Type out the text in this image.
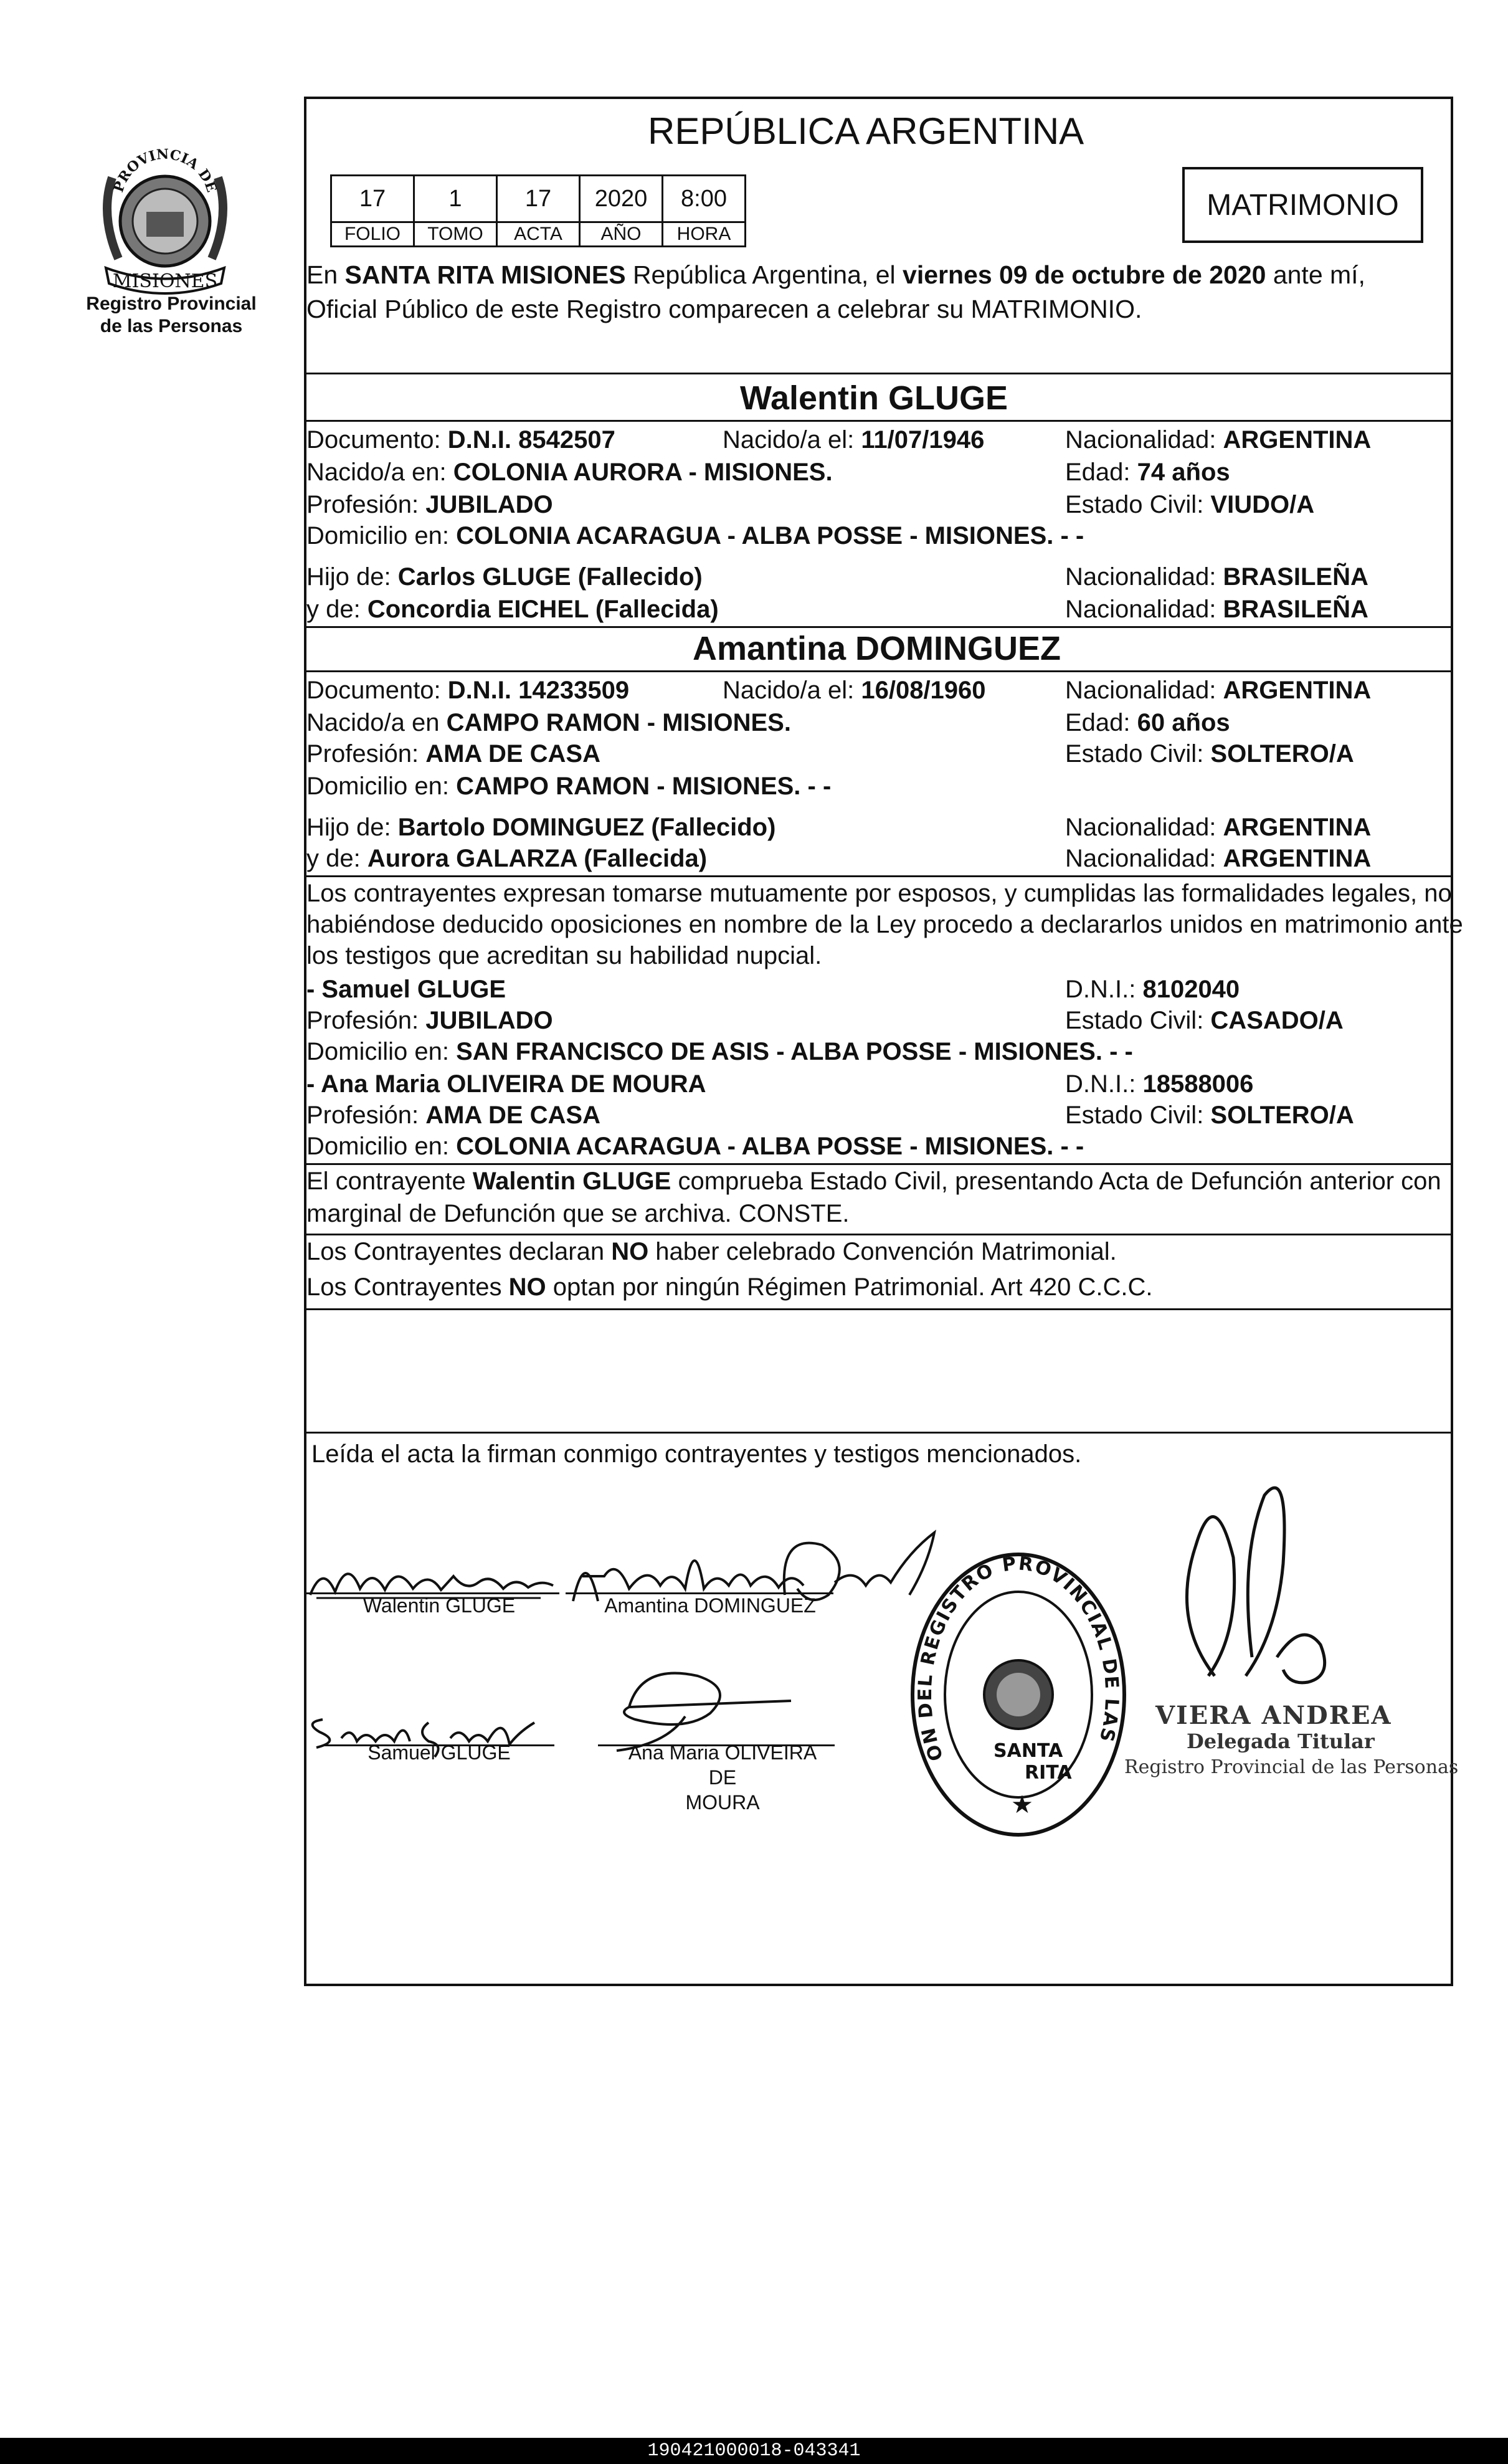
PROVINCIA DE
MISIONES
Registro Provincial
de las Personas
REPÚBLICA ARGENTINA
17	1	17	2020	8:00
FOLIO	TOMO	ACTA	AÑO	HORA
MATRIMONIO
En SANTA RITA MISIONES República Argentina, el viernes 09 de octubre de 2020 ante mí,
Oficial Público de este Registro comparecen a celebrar su MATRIMONIO.
Walentin GLUGE
Documento: D.N.I. 8542507	Nacido/a el: 11/07/1946	Nacionalidad: ARGENTINA
Nacido/a en: COLONIA AURORA - MISIONES.	Edad: 74 años
Profesión: JUBILADO	Estado Civil: VIUDO/A
Domicilio en: COLONIA ACARAGUA - ALBA POSSE - MISIONES. - -
Hijo de: Carlos GLUGE (Fallecido)	Nacionalidad: BRASILEÑA
y de: Concordia EICHEL (Fallecida)	Nacionalidad: BRASILEÑA
Amantina DOMINGUEZ
Documento: D.N.I. 14233509	Nacido/a el: 16/08/1960	Nacionalidad: ARGENTINA
Nacido/a en CAMPO RAMON - MISIONES.	Edad: 60 años
Profesión: AMA DE CASA	Estado Civil: SOLTERO/A
Domicilio en: CAMPO RAMON - MISIONES. - -
Hijo de: Bartolo DOMINGUEZ (Fallecido)	Nacionalidad: ARGENTINA
y de: Aurora GALARZA (Fallecida)	Nacionalidad: ARGENTINA
Los contrayentes expresan tomarse mutuamente por esposos, y cumplidas las formalidades legales, no
habiéndose deducido oposiciones en nombre de la Ley procedo a declararlos unidos en matrimonio ante
los testigos que acreditan su habilidad nupcial.
- Samuel GLUGE	D.N.I.: 8102040
Profesión: JUBILADO	Estado Civil: CASADO/A
Domicilio en: SAN FRANCISCO DE ASIS - ALBA POSSE - MISIONES. - -
- Ana Maria OLIVEIRA DE MOURA	D.N.I.: 18588006
Profesión: AMA DE CASA	Estado Civil: SOLTERO/A
Domicilio en: COLONIA ACARAGUA - ALBA POSSE - MISIONES. - -
El contrayente Walentin GLUGE comprueba Estado Civil, presentando Acta de Defunción anterior con
marginal de Defunción que se archiva. CONSTE.
Los Contrayentes declaran NO haber celebrado Convención Matrimonial.
Los Contrayentes NO optan por ningún Régimen Patrimonial. Art 420 C.C.C.
Leída el acta la firman conmigo contrayentes y testigos mencionados.
Walentin GLUGE	Amantina DOMINGUEZ
Samuel GLUGE	Ana Maria OLIVEIRA DE
MOURA
ON DEL REGISTRO PROVINCIAL DE LAS
SANTA
RITA
★
VIERA ANDREA
Delegada Titular
Registro Provincial de las Personas
190421000018-043341
